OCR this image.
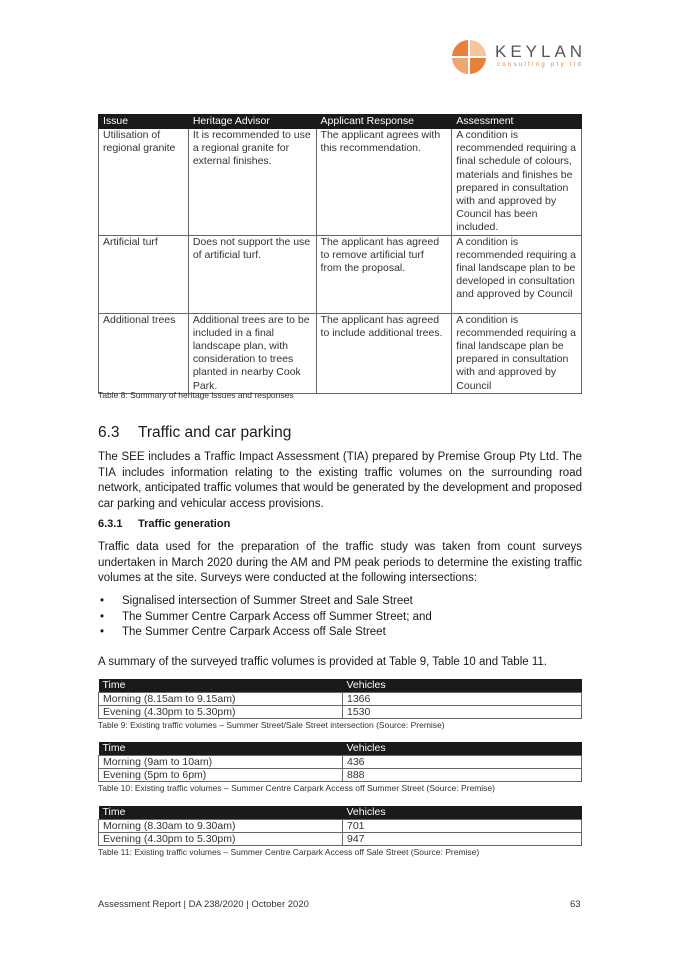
KEYLAN
consulting pty ltd
Issue	Heritage Advisor	Applicant Response	Assessment
Utilisation of regional granite	It is recommended to use a regional granite for external finishes.	The applicant agrees with this recommendation.	A condition is recommended requiring a final schedule of colours, materials and finishes be prepared in consultation with and approved by Council has been included.
Artificial turf	Does not support the use of artificial turf.	The applicant has agreed to remove artificial turf from the proposal.	A condition is recommended requiring a final landscape plan to be developed in consultation and approved by Council
Additional trees	Additional trees are to be included in a final landscape plan, with consideration to trees planted in nearby Cook Park.	The applicant has agreed to include additional trees.	A condition is recommended requiring a final landscape plan be prepared in consultation with and approved by Council
Table 8: Summary of heritage issues and responses
6.3 Traffic and car parking
The SEE includes a Traffic Impact Assessment (TIA) prepared by Premise Group Pty Ltd. The TIA includes information relating to the existing traffic volumes on the surrounding road network, anticipated traffic volumes that would be generated by the development and proposed car parking and vehicular access provisions.
6.3.1 Traffic generation
Traffic data used for the preparation of the traffic study was taken from count surveys undertaken in March 2020 during the AM and PM peak periods to determine the existing traffic volumes at the site. Surveys were conducted at the following intersections:
• Signalised intersection of Summer Street and Sale Street
• The Summer Centre Carpark Access off Summer Street; and
• The Summer Centre Carpark Access off Sale Street
A summary of the surveyed traffic volumes is provided at Table 9, Table 10 and Table 11.
Time	Vehicles
Morning (8.15am to 9.15am)	1366
Evening (4.30pm to 5.30pm)	1530
Table 9: Existing traffic volumes – Summer Street/Sale Street intersection (Source: Premise)
Time	Vehicles
Morning (9am to 10am)	436
Evening (5pm to 6pm)	888
Table 10: Existing traffic volumes – Summer Centre Carpark Access off Summer Street (Source: Premise)
Time	Vehicles
Morning (8.30am to 9.30am)	701
Evening (4.30pm to 5.30pm)	947
Table 11: Existing traffic volumes – Summer Centre Carpark Access off Sale Street (Source: Premise)
Assessment Report | DA 238/2020 | October 2020	63
